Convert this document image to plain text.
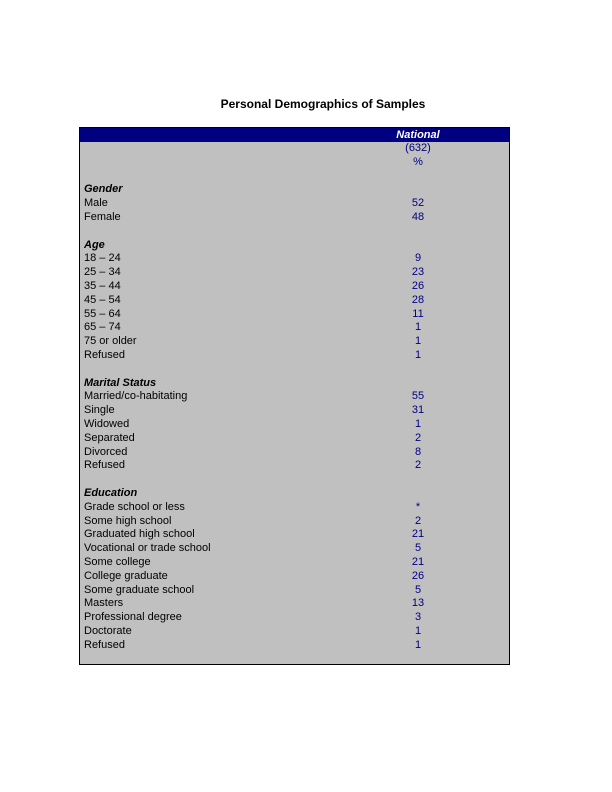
Personal Demographics of Samples
National
(632)
%
Gender
Male	52
Female	48
Age
18 – 24	9
25 – 34	23
35 – 44	26
45 – 54	28
55 – 64	11
65 – 74	1
75 or older	1
Refused	1
Marital Status
Married/co-habitating	55
Single	31
Widowed	1
Separated	2
Divorced	8
Refused	2
Education
Grade school or less	*
Some high school	2
Graduated high school	21
Vocational or trade school	5
Some college	21
College graduate	26
Some graduate school	5
Masters	13
Professional degree	3
Doctorate	1
Refused	1
